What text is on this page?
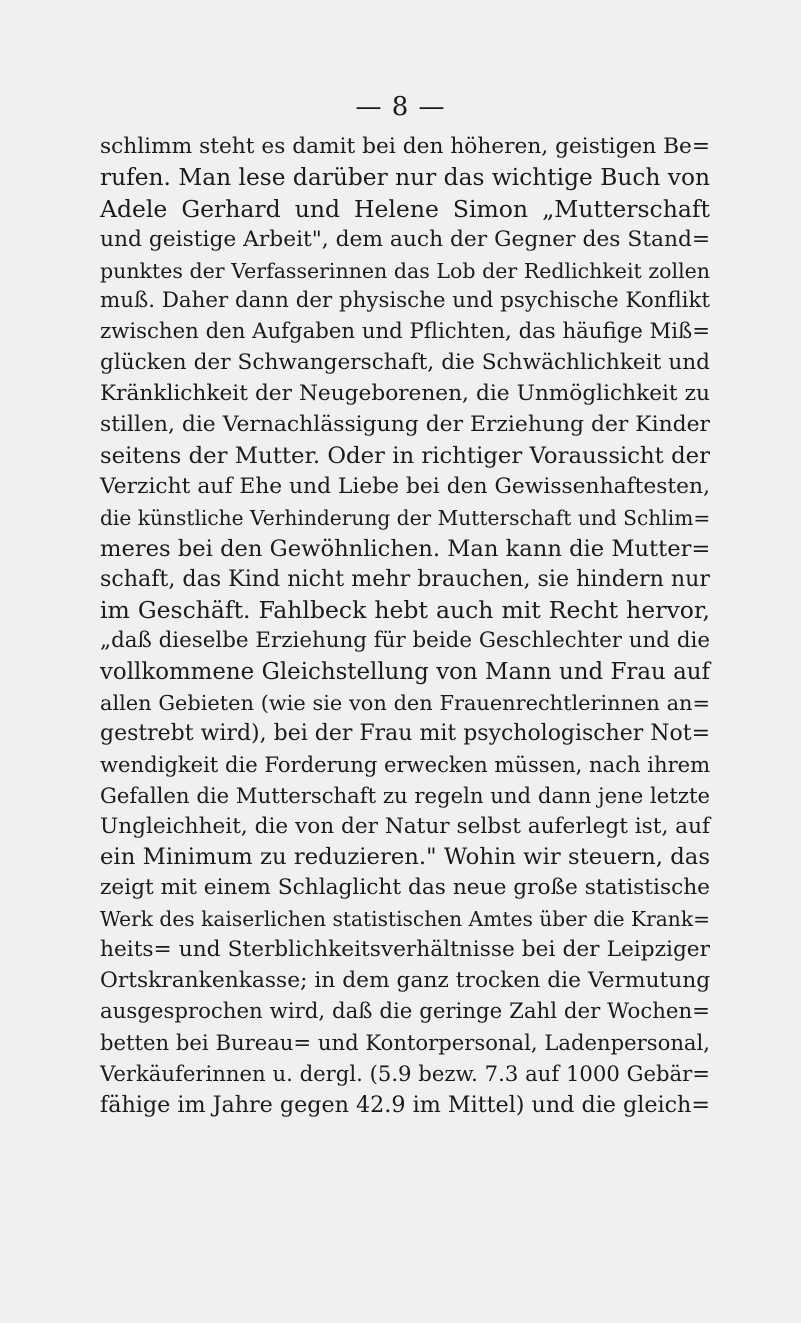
— 8 —
schlimm steht es damit bei den höheren, geistigen Be=
rufen. Man lese darüber nur das wichtige Buch von
Adele Gerhard und Helene Simon „Mutterschaft
und geistige Arbeit", dem auch der Gegner des Stand=
punktes der Verfasserinnen das Lob der Redlichkeit zollen
muß. Daher dann der physische und psychische Konflikt
zwischen den Aufgaben und Pflichten, das häufige Miß=
glücken der Schwangerschaft, die Schwächlichkeit und
Kränklichkeit der Neugeborenen, die Unmöglichkeit zu
stillen, die Vernachlässigung der Erziehung der Kinder
seitens der Mutter. Oder in richtiger Voraussicht der
Verzicht auf Ehe und Liebe bei den Gewissenhaftesten,
die künstliche Verhinderung der Mutterschaft und Schlim=
meres bei den Gewöhnlichen. Man kann die Mutter=
schaft, das Kind nicht mehr brauchen, sie hindern nur
im Geschäft. Fahlbeck hebt auch mit Recht hervor,
„daß dieselbe Erziehung für beide Geschlechter und die
vollkommene Gleichstellung von Mann und Frau auf
allen Gebieten (wie sie von den Frauenrechtlerinnen an=
gestrebt wird), bei der Frau mit psychologischer Not=
wendigkeit die Forderung erwecken müssen, nach ihrem
Gefallen die Mutterschaft zu regeln und dann jene letzte
Ungleichheit, die von der Natur selbst auferlegt ist, auf
ein Minimum zu reduzieren." Wohin wir steuern, das
zeigt mit einem Schlaglicht das neue große statistische
Werk des kaiserlichen statistischen Amtes über die Krank=
heits= und Sterblichkeitsverhältnisse bei der Leipziger
Ortskrankenkasse; in dem ganz trocken die Vermutung
ausgesprochen wird, daß die geringe Zahl der Wochen=
betten bei Bureau= und Kontorpersonal, Ladenpersonal,
Verkäuferinnen u. dergl. (5.9 bezw. 7.3 auf 1000 Gebär=
fähige im Jahre gegen 42.9 im Mittel) und die gleich=
